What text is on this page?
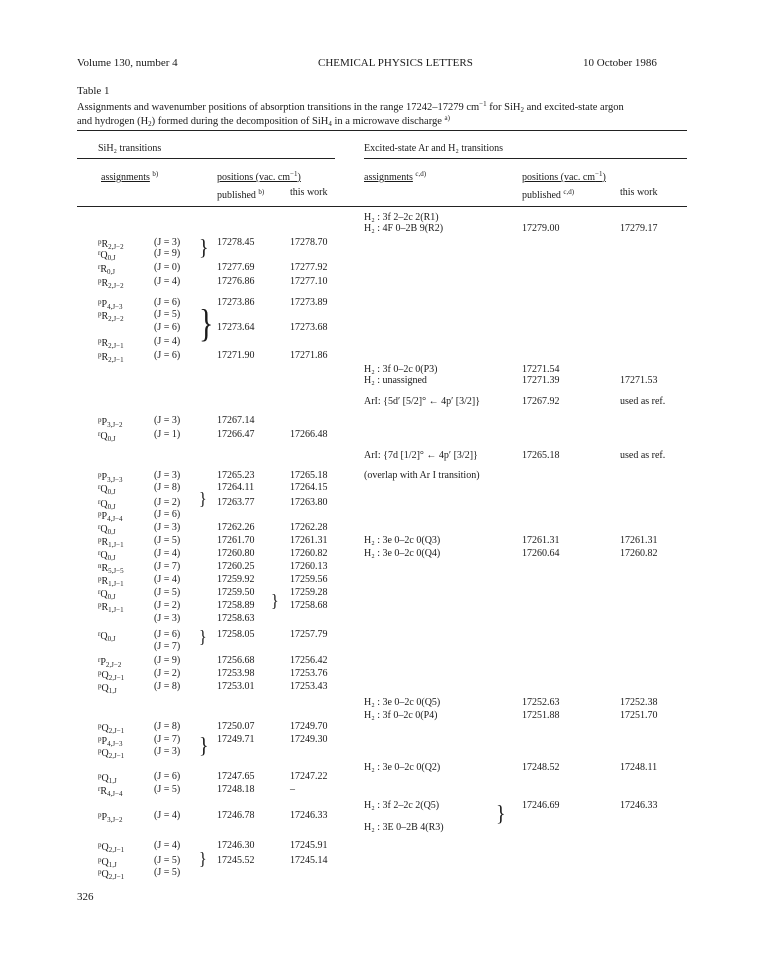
Volume 130, number 4	CHEMICAL PHYSICS LETTERS	10 October 1986
Table 1
Assignments and wavenumber positions of absorption transitions in the range 17242–17279 $cm^{-1}$ for SiH$_2$ and excited-state argon
and hydrogen $(H_2)$ formed during the decomposition of SiH$_4$ in a microwave discharge $^{a)}$
SiH₂ transitions	Excited-state Ar and H₂ transitions
assignments $^{b)}$	positions (vac. $cm^{-1}$)
published $^{b)}$	this work
assignments $^{c,d)}$	positions (vac. $cm^{-1}$)
published $^{c,d)}$	this work
$^pR_{2,J-2}$	(J = 3)	17278.45	17278.70
$^rQ_{0,J}$	(J = 9)
$^rR_{0,J}$	(J = 0)	17277.69	17277.92
$^pR_{2,J-2}$	(J = 4)	17276.86	17277.10
$^pP_{4,J-3}$	(J = 6)	17273.86	17273.89
$^pR_{2,J-2}$	(J = 5)
(J = 6)	17273.64	17273.68
$^pR_{2,J-1}$	(J = 4)
$^pR_{2,J-1}$	(J = 6)	17271.90	17271.86
$^pP_{3,J-2}$	(J = 3)	17267.14
$^rQ_{0,J}$	(J = 1)	17266.47	17266.48
$^pP_{3,J-3}$	(J = 3)	17265.23	17265.18
$^rQ_{0,J}$	(J = 8)	17264.11	17264.15
$^rQ_{0,J}$	(J = 2)	17263.77	17263.80
$^pP_{4,J-4}$	(J = 6)
$^rQ_{0,J}$	(J = 3)	17262.26	17262.28
$^pR_{1,J-1}$	(J = 5)	17261.70	17261.31
$^rQ_{0,J}$	(J = 4)	17260.80	17260.82
$^nR_{5,J-5}$	(J = 7)	17260.25	17260.13
$^pR_{1,J-1}$	(J = 4)	17259.92	17259.56
$^rQ_{0,J}$	(J = 5)	17259.50	17259.28
$^pR_{1,J-1}$	(J = 2)	17258.89	17258.68
(J = 3)	17258.63
$^rQ_{0,J}$	(J = 6)	17258.05	17257.79
(J = 7)
$^rP_{2,J-2}$	(J = 9)	17256.68	17256.42
$^pQ_{2,J-1}$	(J = 2)	17253.98	17253.76
$^pQ_{1,J}$	(J = 8)	17253.01	17253.43
$^pQ_{2,J-1}$	(J = 8)	17250.07	17249.70
$^pP_{4,J-3}$	(J = 7)	17249.71	17249.30
$^pQ_{2,J-1}$	(J = 3)
$^pQ_{1,J}$	(J = 6)	17247.65	17247.22
$^rR_{4,J-4}$	(J = 5)	17248.18	–
$^pP_{3,J-2}$	(J = 4)	17246.78	17246.33
$^pQ_{2,J-1}$	(J = 4)	17246.30	17245.91
$^pQ_{1,J}$	(J = 5)	17245.52	17245.14
$^pQ_{2,J-1}$	(J = 5)
H₂ : 3f 2–2c 2(R1)
H₂ : 4F 0–2B 9(R2)	17279.00	17279.17
H₂ : 3f 0–2c 0(P3)	17271.54
H₂ : unassigned	17271.39	17271.53
ArI: {5d′ [5/2]° ← 4p′ [3/2]}	17267.92	used as ref.
ArI: {7d [1/2]° ← 4p′ [3/2]}	17265.18	used as ref.
(overlap with Ar I transition)
H₂ : 3e 0–2c 0(Q3)	17261.31	17261.31
H₂ : 3e 0–2c 0(Q4)	17260.64	17260.82
H₂ : 3e 0–2c 0(Q5)	17252.63	17252.38
H₂ : 3f 0–2c 0(P4)	17251.88	17251.70
H₂ : 3e 0–2c 0(Q2)	17248.52	17248.11
H₂ : 3f 2–2c 2(Q5)	17246.69	17246.33
H₂ : 3E 0–2B 4(R3)
}
}
}
}
}
}
}
}
326
